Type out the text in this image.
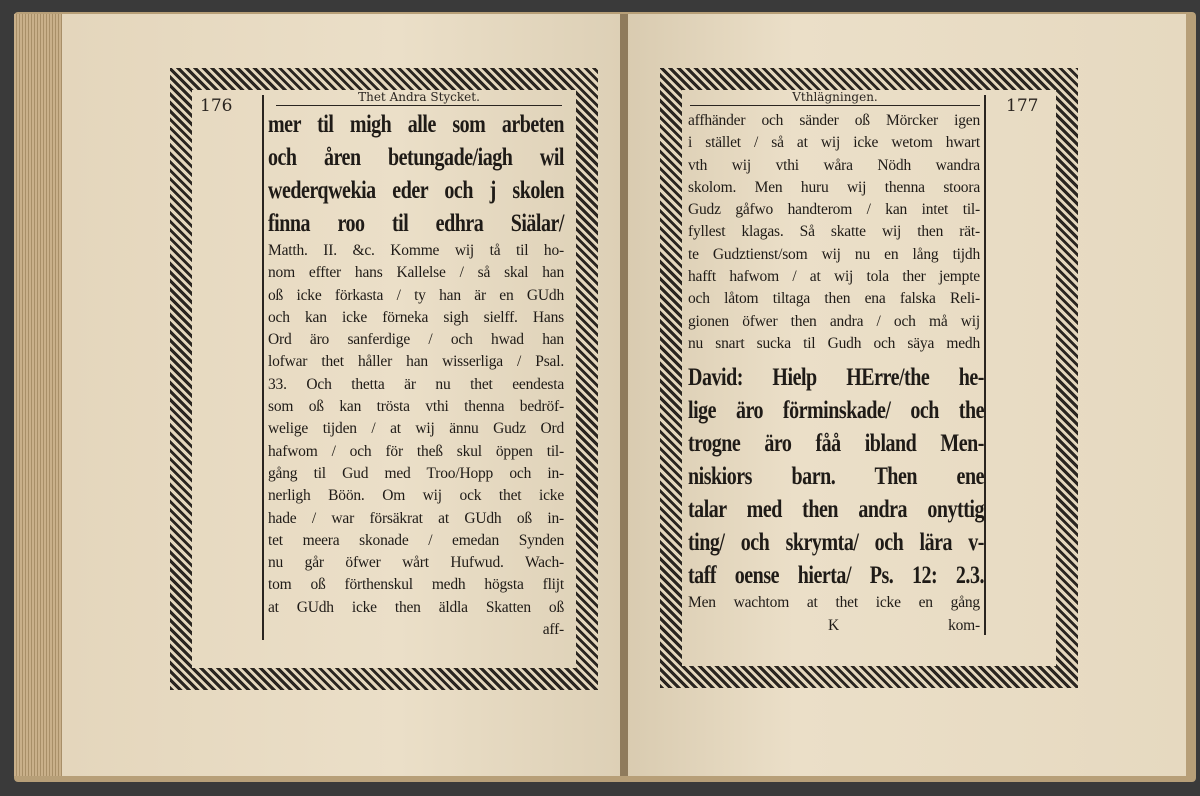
176	Thet Andra Stycket.
mer til migh alle som arbeten
och åren betungade/iagh wil
wederqwekia eder och j skolen
finna roo til edhra Siälar/
Matth. II. &c. Komme wij tå til ho-
nom effter hans Kallelse / så skal han
oß icke förkasta / ty han är en GUdh
och kan icke förneka sigh sielff. Hans
Ord äro sanferdige / och hwad han
lofwar thet håller han wisserliga / Psal.
33. Och thetta är nu thet eendesta
som oß kan trösta vthi thenna bedröf-
welige tijden / at wij ännu Gudz Ord
hafwom / och för theß skul öppen til-
gång til Gud med Troo/Hopp och in-
nerligh Böön. Om wij ock thet icke
hade / war försäkrat at GUdh oß in-
tet meera skonade / emedan Synden
nu går öfwer wårt Hufwud. Wach-
tom oß förthenskul medh högsta flijt
at GUdh icke then äldla Skatten oß
aff-
177
Vthlägningen.
affhänder och sänder oß Mörcker igen
i stället / så at wij icke wetom hwart
vth wij vthi wåra Nödh wandra
skolom. Men huru wij thenna stoora
Gudz gåfwo handterom / kan intet til-
fyllest klagas. Så skatte wij then rät-
te Gudztienst/som wij nu en lång tijdh
hafft hafwom / at wij tola ther jempte
och låtom tiltaga then ena falska Reli-
gionen öfwer then andra / och må wij
nu snart sucka til Gudh och säya medh
David: Hielp HErre/the he-
lige äro förminskade/ och the
trogne äro fåå ibland Men-
niskiors barn. Then ene
talar med then andra onyttig
ting/ och skrymta/ och lära v-
taff oense hierta/ Ps. 12: 2.3.
Men wachtom at thet icke en gång
K	kom-
